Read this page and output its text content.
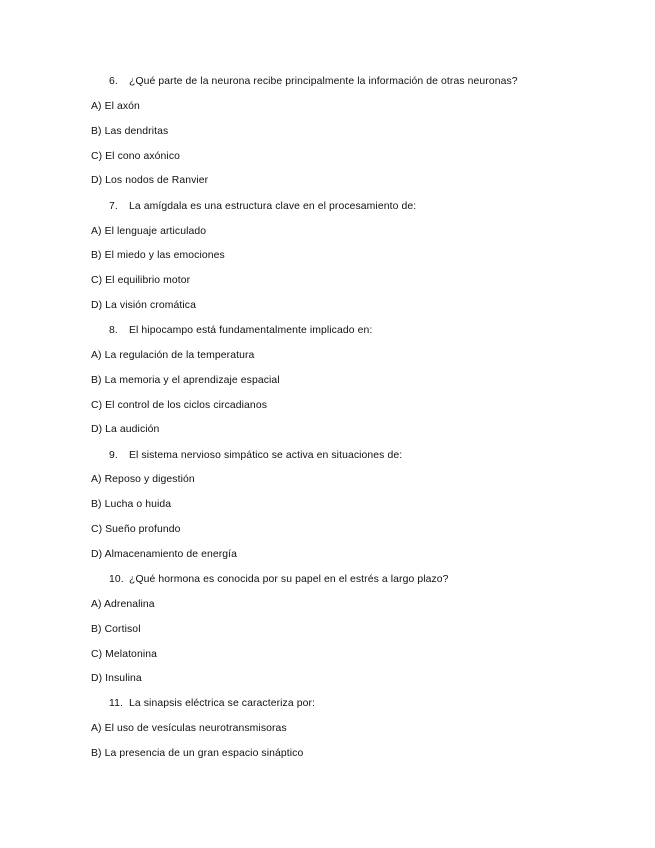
6. ¿Qué parte de la neurona recibe principalmente la información de otras neuronas?
A) El axón
B) Las dendritas
C) El cono axónico
D) Los nodos de Ranvier
7. La amígdala es una estructura clave en el procesamiento de:
A) El lenguaje articulado
B) El miedo y las emociones
C) El equilibrio motor
D) La visión cromática
8. El hipocampo está fundamentalmente implicado en:
A) La regulación de la temperatura
B) La memoria y el aprendizaje espacial
C) El control de los ciclos circadianos
D) La audición
9. El sistema nervioso simpático se activa en situaciones de:
A) Reposo y digestión
B) Lucha o huida
C) Sueño profundo
D) Almacenamiento de energía
10. ¿Qué hormona es conocida por su papel en el estrés a largo plazo?
A) Adrenalina
B) Cortisol
C) Melatonina
D) Insulina
11. La sinapsis eléctrica se caracteriza por:
A) El uso de vesículas neurotransmisoras
B) La presencia de un gran espacio sináptico
